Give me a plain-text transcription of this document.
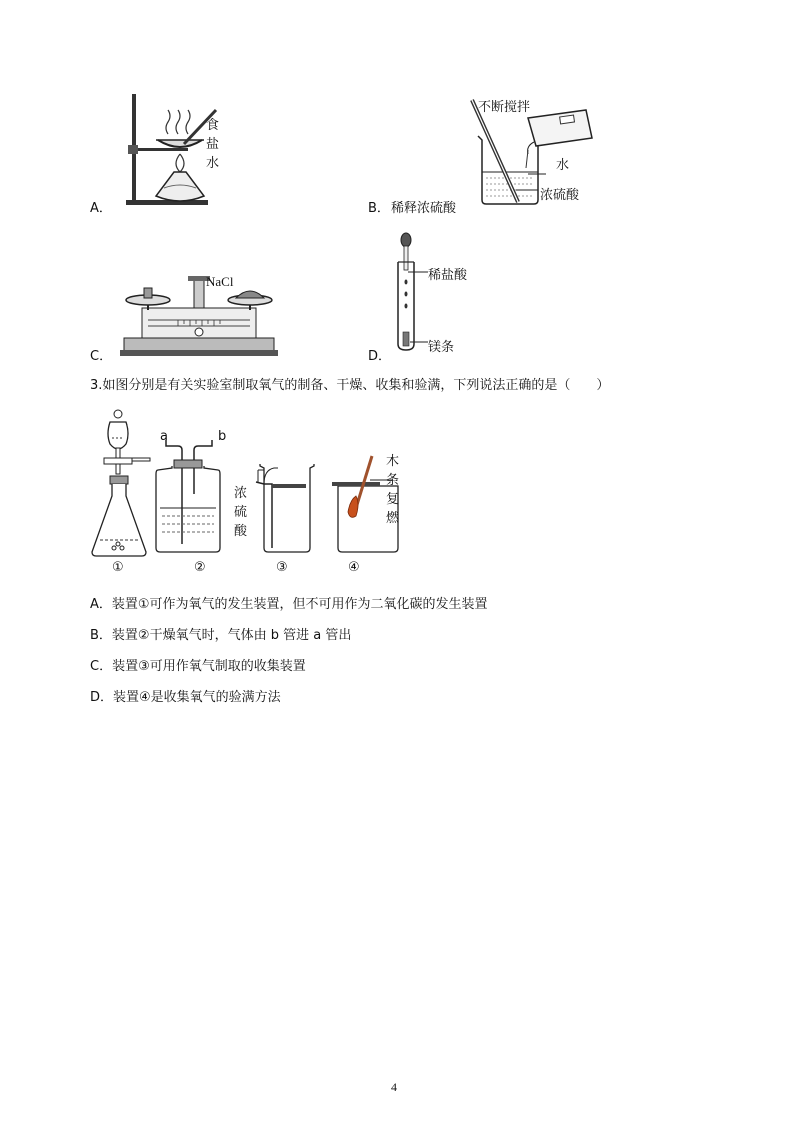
食
盐
水
A．
不断搅拌
水
浓硫酸
B． 稀释浓硫酸
NaCl
C．
稀盐酸
镁条
D．
3.如图分别是有关实验室制取氧气的制备、干燥、收集和验满，下列说法正确的是（　　）
a	b
浓
硫
酸
木
条
复
燃
①	②	③	④
A．装置①可作为氧气的发生装置，但不可用作为二氧化碳的发生装置
B．装置②干燥氧气时，气体由 b 管进 a 管出
C．装置③可用作氧气制取的收集装置
D．装置④是收集氧气的验满方法
4
